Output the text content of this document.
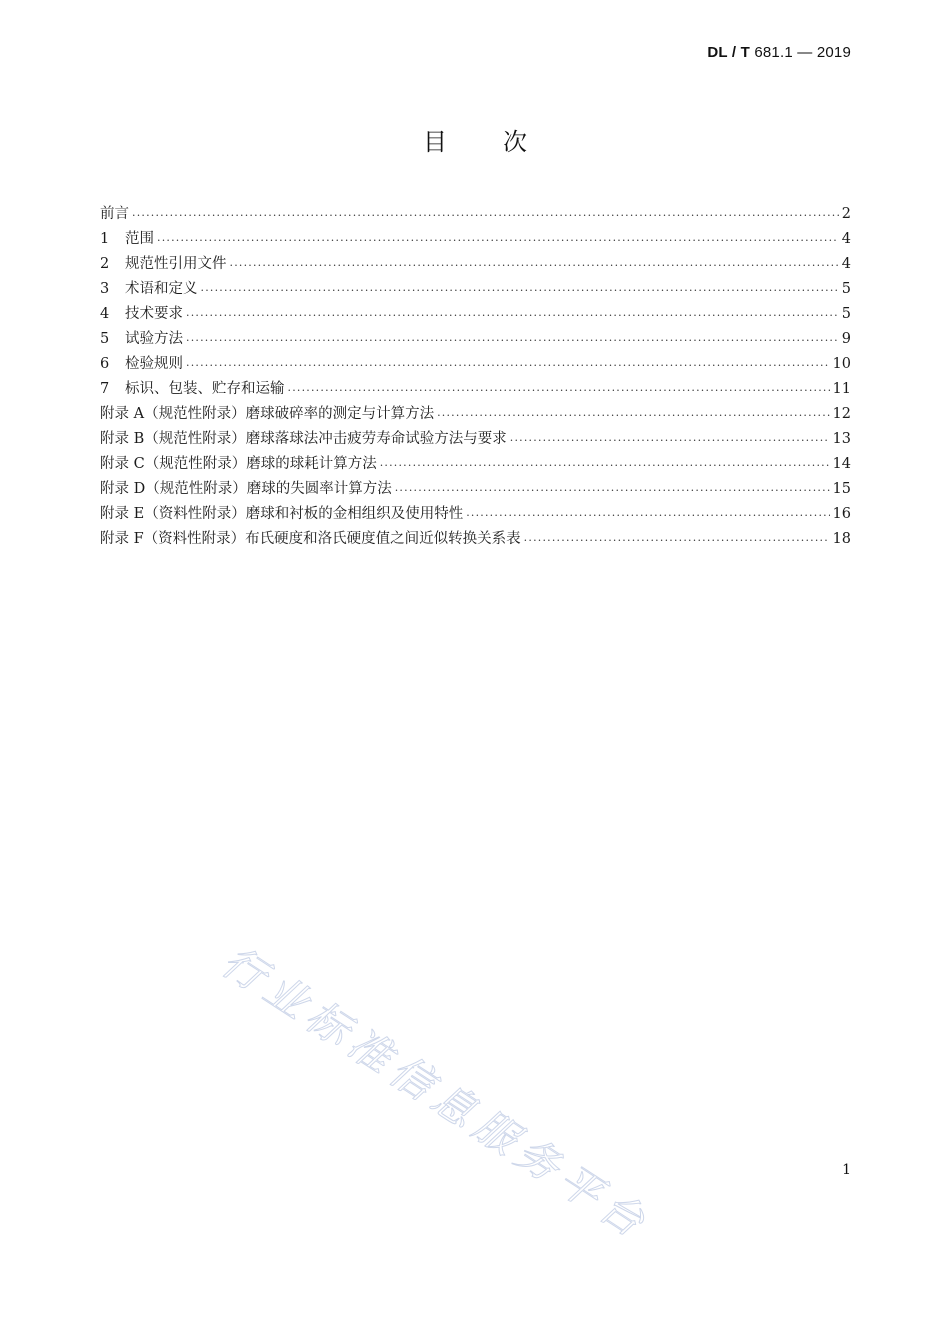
DL / T 681.1 — 2019
目 次
前言 ·····	2
1	范围 ·····	4
2	规范性引用文件 ·····	4
3	术语和定义 ·····	5
4	技术要求 ·····	5
5	试验方法 ·····	9
6	检验规则 ·····	10
7	标识、包装、贮存和运输 ·····	11
附录 A（规范性附录）磨球破碎率的测定与计算方法 ·····	12
附录 B（规范性附录）磨球落球法冲击疲劳寿命试验方法与要求 ·····	13
附录 C（规范性附录）磨球的球耗计算方法 ·····	14
附录 D（规范性附录）磨球的失圆率计算方法 ·····	15
附录 E（资料性附录）磨球和衬板的金相组织及使用特性 ·····	16
附录 F（资料性附录）布氏硬度和洛氏硬度值之间近似转换关系表 ·····	18
行业标准信息服务平台	1
